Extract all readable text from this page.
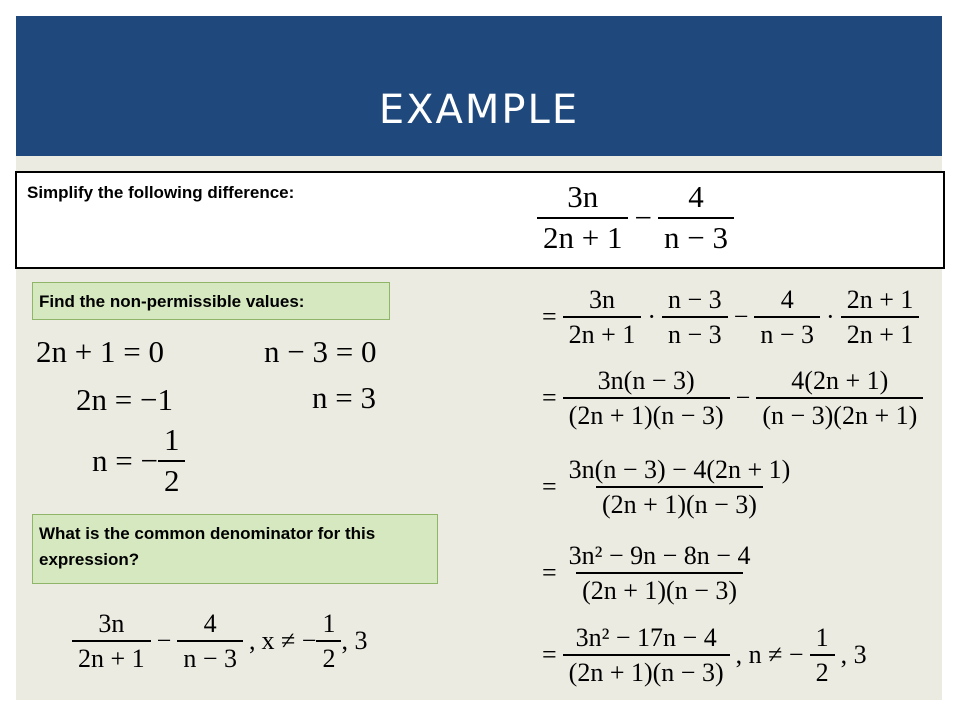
EXAMPLE
Simplify the following difference:	$\frac{3n}{2n + 1} - \frac{4}{n - 3}$
Find the non-permissible values:
2n + 1 = 0
2n = −1
n = − $\frac{1}{2}$
n − 3 = 0
n = 3
What is the common denominator for this expression?
$\frac{3n}{2n + 1} - \frac{4}{n - 3}$ , x ≠ − $\frac{1}{2}$ , 3
= $\frac{3n}{2n + 1} \cdot \frac{n - 3}{n - 3} - \frac{4}{n - 3} \cdot \frac{2n + 1}{2n + 1}$
= $\frac{3n(n - 3)}{(2n + 1)(n - 3)} - \frac{4(2n + 1)}{(n - 3)(2n + 1)}$
= $\frac{3n(n - 3) - 4(2n + 1)}{(2n + 1)(n - 3)}$
= $\frac{\text{3n² − 9n − 8n − 4}}{(2n + 1)(n - 3)}$
= $\frac{\text{3n² − 17n − 4}}{(2n + 1)(n - 3)}$ , n ≠ − $\frac{1}{2}$ , 3
